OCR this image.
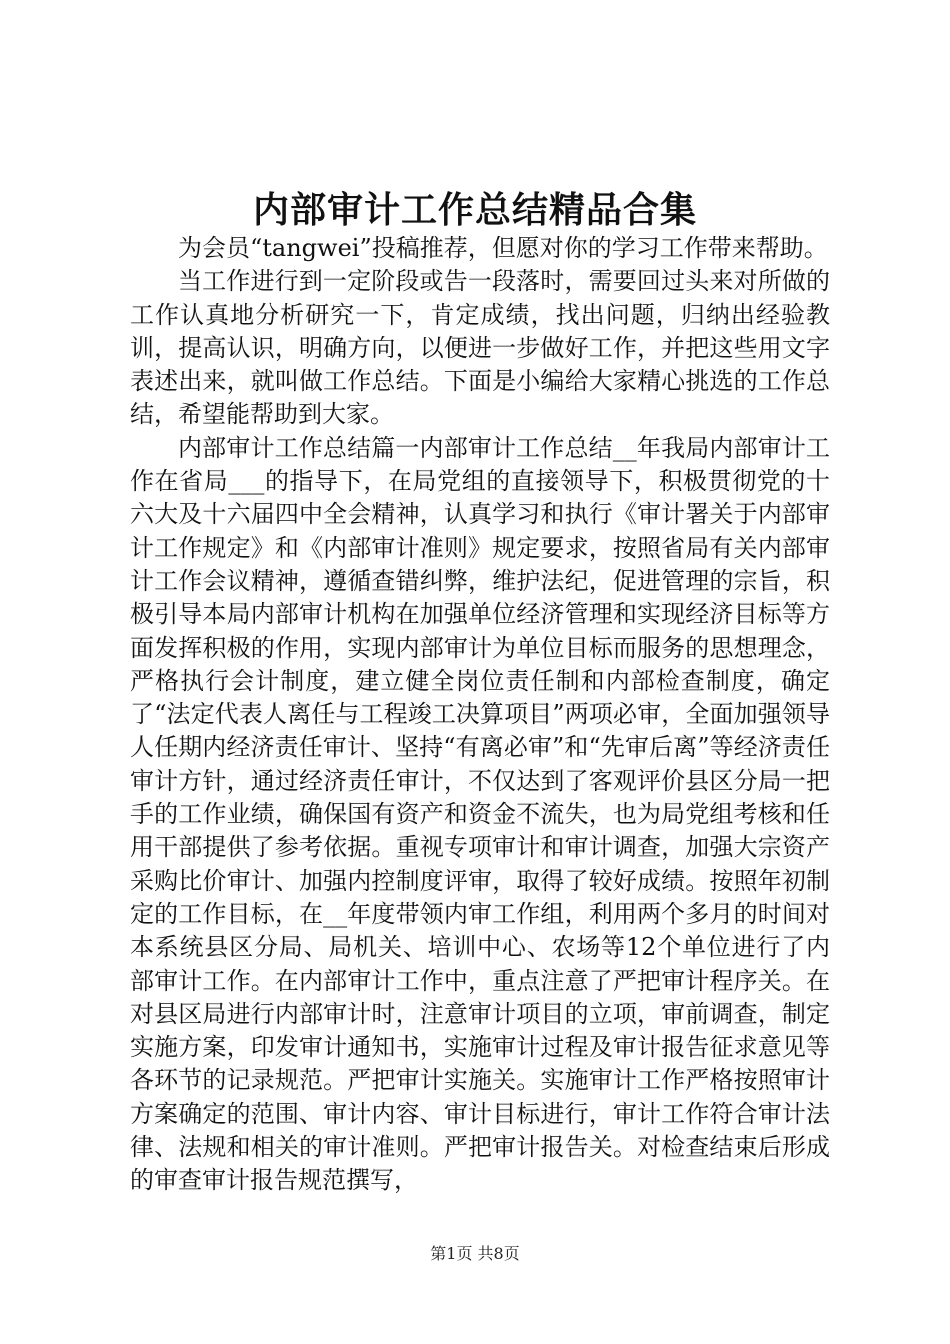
内部审计工作总结精品合集

为会员“tangwei”投稿推荐，但愿对你的学习工作带来帮助。

当工作进行到一定阶段或告一段落时，需要回过头来对所做的工作认真地分析研究一下，肯定成绩，找出问题，归纳出经验教训，提高认识，明确方向，以便进一步做好工作，并把这些用文字表述出来，就叫做工作总结。下面是小编给大家精心挑选的工作总结，希望能帮助到大家。

内部审计工作总结篇一内部审计工作总结__年我局内部审计工作在省局___的指导下，在局党组的直接领导下，积极贯彻党的十六大及十六届四中全会精神，认真学习和执行《审计署关于内部审计工作规定》和《内部审计准则》规定要求，按照省局有关内部审计工作会议精神，遵循查错纠弊，维护法纪，促进管理的宗旨，积极引导本局内部审计机构在加强单位经济管理和实现经济目标等方面发挥积极的作用，实现内部审计为单位目标而服务的思想理念，严格执行会计制度，建立健全岗位责任制和内部检查制度，确定了“法定代表人离任与工程竣工决算项目”两项必审，全面加强领导人任期内经济责任审计、坚持“有离必审”和“先审后离”等经济责任审计方针，通过经济责任审计，不仅达到了客观评价县区分局一把手的工作业绩，确保国有资产和资金不流失，也为局党组考核和任用干部提供了参考依据。重视专项审计和审计调查，加强大宗资产采购比价审计、加强内控制度评审，取得了较好成绩。按照年初制定的工作目标，在__年度带领内审工作组，利用两个多月的时间对本系统县区分局、局机关、培训中心、农场等12个单位进行了内部审计工作。在内部审计工作中，重点注意了严把审计程序关。在对县区局进行内部审计时，注意审计项目的立项，审前调查，制定实施方案，印发审计通知书，实施审计过程及审计报告征求意见等各环节的记录规范。严把审计实施关。实施审计工作严格按照审计方案确定的范围、审计内容、审计目标进行，审计工作符合审计法律、法规和相关的审计准则。严把审计报告关。对检查结束后形成的审查审计报告规范撰写，

第1页 共8页
